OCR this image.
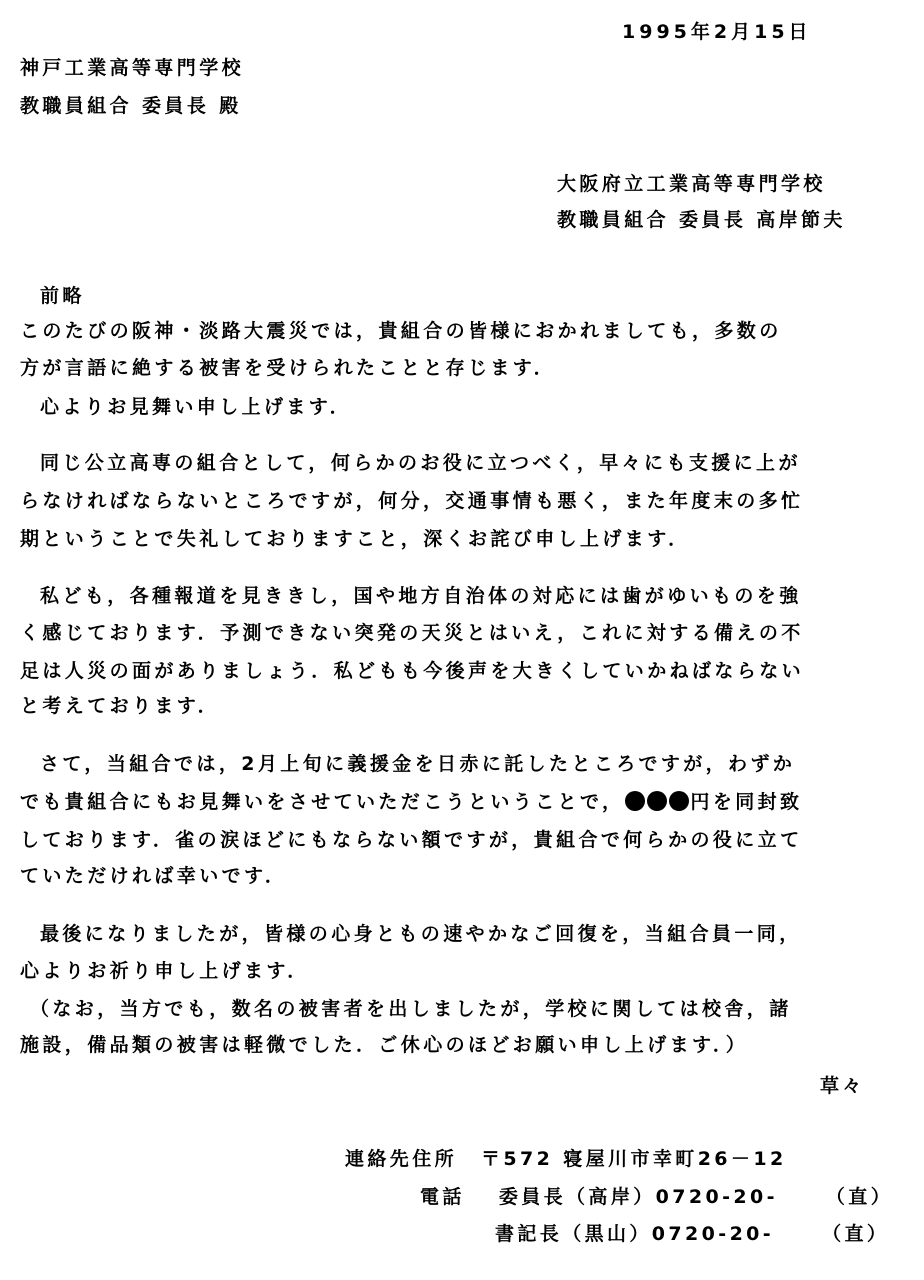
1995年2月15日
神戸工業高等専門学校
教職員組合 委員長 殿
大阪府立工業高等専門学校
教職員組合 委員長 高岸節夫
前略
このたびの阪神・淡路大震災では，貴組合の皆様におかれましても，多数の
方が言語に絶する被害を受けられたことと存じます．
心よりお見舞い申し上げます．
同じ公立高専の組合として，何らかのお役に立つべく，早々にも支援に上が
らなければならないところですが，何分，交通事情も悪く，また年度末の多忙
期ということで失礼しておりますこと，深くお詫び申し上げます．
私ども，各種報道を見ききし，国や地方自治体の対応には歯がゆいものを強
く感じております．予測できない突発の天災とはいえ，これに対する備えの不
足は人災の面がありましょう．私どもも今後声を大きくしていかねばならない
と考えております．
さて，当組合では，2月上旬に義援金を日赤に託したところですが，わずか
でも貴組合にもお見舞いをさせていただこうということで，	円を同封致
しております．雀の涙ほどにもならない額ですが，貴組合で何らかの役に立て
ていただければ幸いです．
最後になりましたが，皆様の心身ともの速やかなご回復を，当組合員一同，
心よりお祈り申し上げます．
（なお，当方でも，数名の被害者を出しましたが，学校に関しては校舎，諸
施設，備品類の被害は軽微でした．ご休心のほどお願い申し上げます．）
草々
連絡先住所 〒572 寝屋川市幸町26－12
電話 委員長（高岸）0720-20-	（直）
書記長（黒山）0720-20-	（直）
